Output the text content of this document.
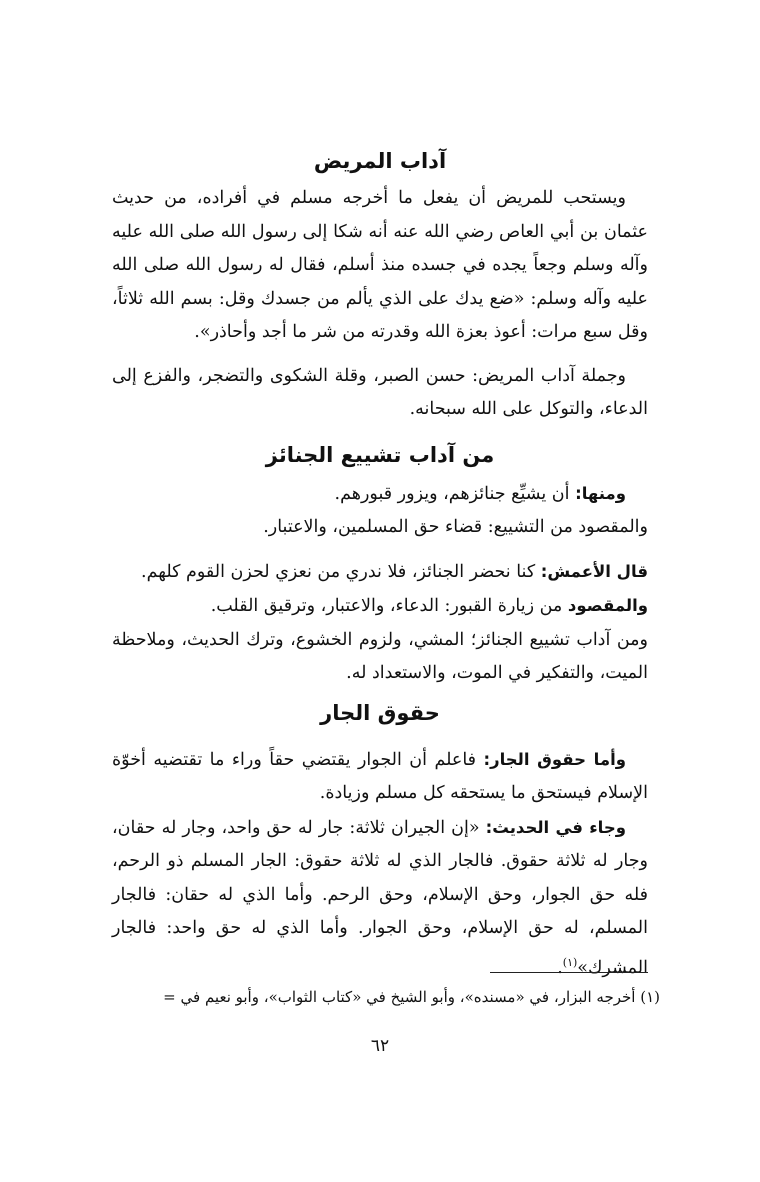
آداب المريض

ويستحب للمريض أن يفعل ما أخرجه مسلم في أفراده، من حديث عثمان بن أبي العاص رضي الله عنه أنه شكا إلى رسول الله صلى الله عليه وآله وسلم وجعاً يجده في جسده منذ أسلم، فقال له رسول الله صلى الله عليه وآله وسلم: «ضع يدك على الذي يألم من جسدك وقل: بسم الله ثلاثاً، وقل سبع مرات: أعوذ بعزة الله وقدرته من شر ما أجد وأحاذر».

وجملة آداب المريض: حسن الصبر، وقلة الشكوى والتضجر، والفزع إلى الدعاء، والتوكل على الله سبحانه.

من آداب تشييع الجنائز

ومنها: أن يشيِّع جنائزهم، ويزور قبورهم.

والمقصود من التشييع: قضاء حق المسلمين، والاعتبار.

قال الأعمش: كنا نحضر الجنائز، فلا ندري من نعزي لحزن القوم كلهم.

والمقصود من زيارة القبور: الدعاء، والاعتبار، وترقيق القلب.

ومن آداب تشييع الجنائز؛ المشي، ولزوم الخشوع، وترك الحديث، وملاحظة الميت، والتفكير في الموت، والاستعداد له.

حقوق الجار

وأما حقوق الجار: فاعلم أن الجوار يقتضي حقاً وراء ما تقتضيه أخوّة الإسلام فيستحق ما يستحقه كل مسلم وزيادة.

وجاء في الحديث: «إن الجيران ثلاثة: جار له حق واحد، وجار له حقان، وجار له ثلاثة حقوق. فالجار الذي له ثلاثة حقوق: الجار المسلم ذو الرحم، فله حق الجوار، وحق الإسلام، وحق الرحم. وأما الذي له حقان: فالجار المسلم، له حق الإسلام، وحق الجوار. وأما الذي له حق واحد: فالجار المشرك»$^{(١)}$.

(١) أخرجه البزار، في «مسنده»، وأبو الشيخ في «كتاب الثواب»، وأبو نعيم في =

٦٢
